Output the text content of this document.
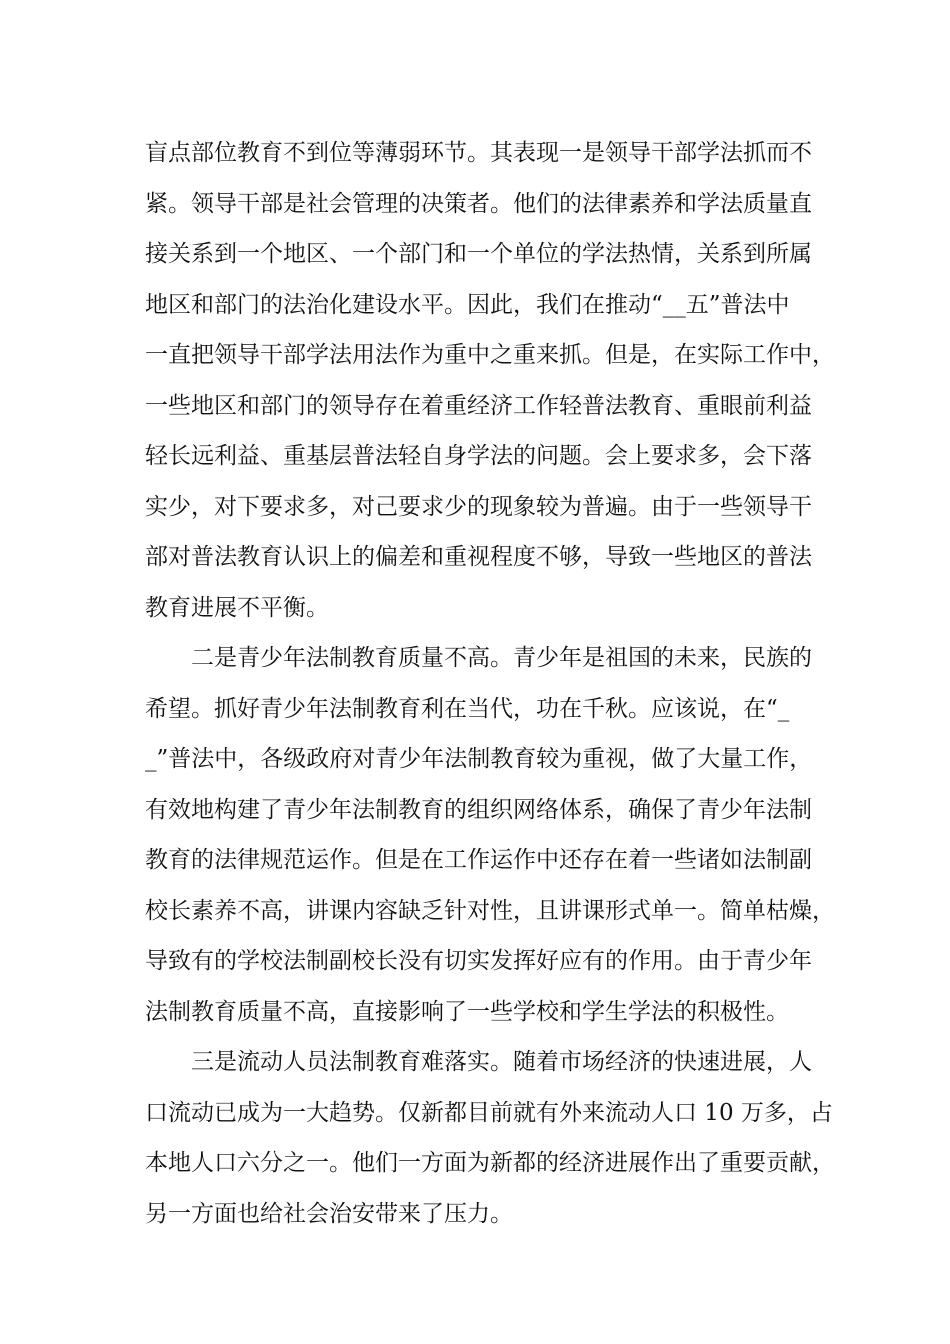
盲点部位教育不到位等薄弱环节。其表现一是领导干部学法抓而不
紧。领导干部是社会管理的决策者。他们的法律素养和学法质量直
接关系到一个地区、一个部门和一个单位的学法热情，关系到所属
地区和部门的法治化建设水平。因此，我们在推动“__五”普法中
一直把领导干部学法用法作为重中之重来抓。但是，在实际工作中，
一些地区和部门的领导存在着重经济工作轻普法教育、重眼前利益
轻长远利益、重基层普法轻自身学法的问题。会上要求多，会下落
实少，对下要求多，对己要求少的现象较为普遍。由于一些领导干
部对普法教育认识上的偏差和重视程度不够，导致一些地区的普法
教育进展不平衡。
二是青少年法制教育质量不高。青少年是祖国的未来，民族的
希望。抓好青少年法制教育利在当代，功在千秋。应该说，在“_
_”普法中，各级政府对青少年法制教育较为重视，做了大量工作，
有效地构建了青少年法制教育的组织网络体系，确保了青少年法制
教育的法律规范运作。但是在工作运作中还存在着一些诸如法制副
校长素养不高，讲课内容缺乏针对性，且讲课形式单一。简单枯燥，
导致有的学校法制副校长没有切实发挥好应有的作用。由于青少年
法制教育质量不高，直接影响了一些学校和学生学法的积极性。
三是流动人员法制教育难落实。随着市场经济的快速进展，人
口流动已成为一大趋势。仅新都目前就有外来流动人口 10 万多，占
本地人口六分之一。他们一方面为新都的经济进展作出了重要贡献，
另一方面也给社会治安带来了压力。
